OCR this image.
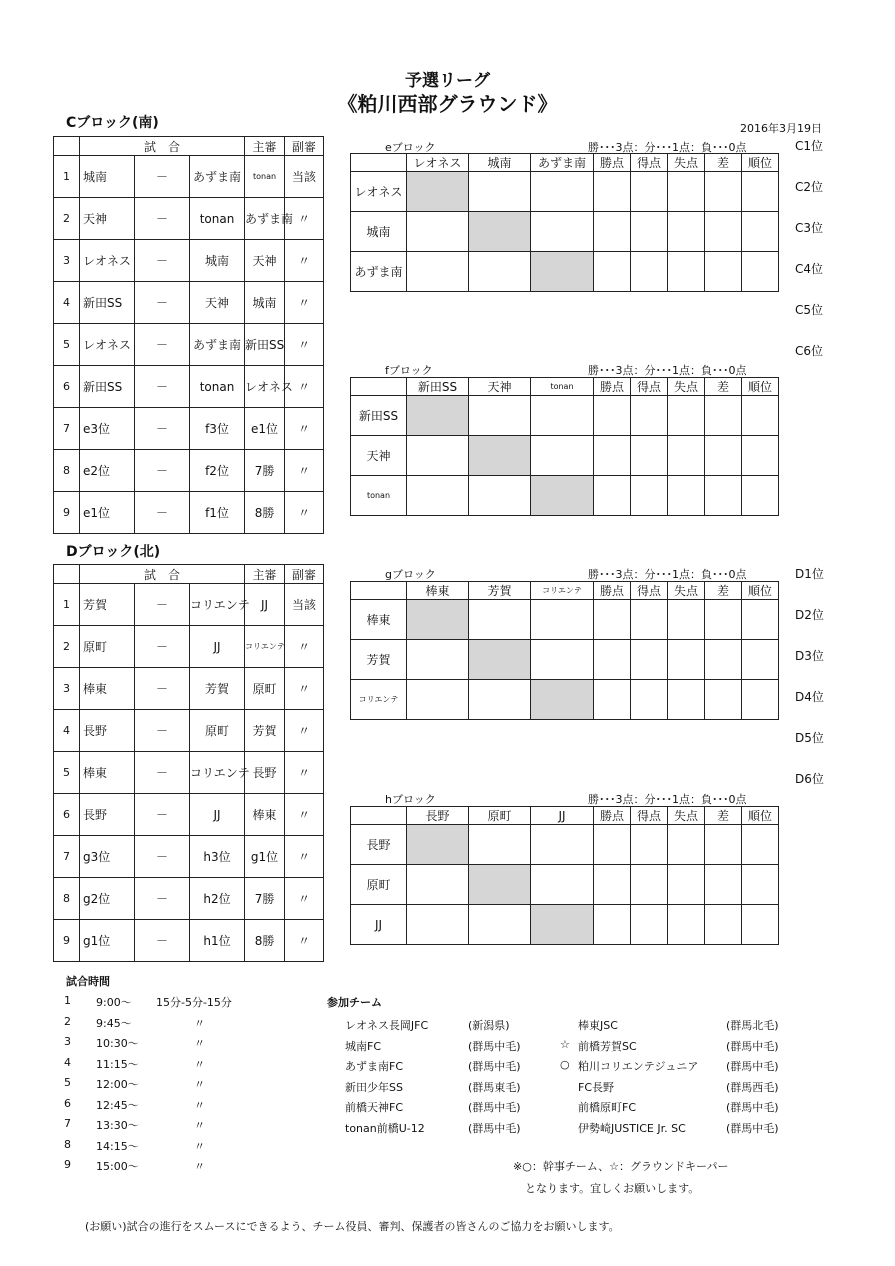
予選リーグ
《粕川西部グラウンド》
2016年3月19日
Cブロック(南)
	試　合			主審	副審
1	城南	－	あずま南	tonan	当該
2	天神	－	tonan	あずま南	〃
3	レオネス	－	城南	天神	〃
4	新田SS	－	天神	城南	〃
5	レオネス	－	あずま南	新田SS	〃
6	新田SS	－	tonan	レオネス	〃
7	e3位	－	f3位	e1位	〃
8	e2位	－	f2位	7勝	〃
9	e1位	－	f1位	8勝	〃
Dブロック(北)
	試　合			主審	副審
1	芳賀	－	コリエンテ	JJ	当該
2	原町	－	JJ	コリエンテ	〃
3	棒東	－	芳賀	原町	〃
4	長野	－	原町	芳賀	〃
5	棒東	－	コリエンテ	長野	〃
6	長野	－	JJ	棒東	〃
7	g3位	－	h3位	g1位	〃
8	g2位	－	h2位	7勝	〃
9	g1位	－	h1位	8勝	〃
eブロック	勝･･･3点：分･･･1点：負･･･0点
	レオネス	城南	あずま南	勝点	得点	失点	差	順位
レオネス								
城南								
あずま南								
fブロック	勝･･･3点：分･･･1点：負･･･0点
	新田SS	天神	tonan	勝点	得点	失点	差	順位
新田SS								
天神								
tonan								
gブロック	勝･･･3点：分･･･1点：負･･･0点
	棒東	芳賀	コリエンテ	勝点	得点	失点	差	順位
棒東								
芳賀								
コリエンテ								
hブロック	勝･･･3点：分･･･1点：負･･･0点
	長野	原町	JJ	勝点	得点	失点	差	順位
長野								
原町								
JJ								
C1位
C2位
C3位
C4位
C5位
C6位
D1位
D2位
D3位
D4位
D5位
D6位
試合時間
1 9:00～ 15分-5分-15分
2 9:45～	〃
3 10:30～	〃
4 11:15～	〃
5 12:00～	〃
6 12:45～	〃
7 13:30～	〃
8 14:15～	〃
9 15:00～	〃
参加チーム
レオネス長岡JFC	(新潟県)
城南FC	(群馬中毛)
あずま南FC	(群馬中毛)
新田少年SS	(群馬東毛)
前橋天神FC	(群馬中毛)
tonan前橋U-12	(群馬中毛)
棒東JSC	(群馬北毛)
☆ 前橋芳賀SC	(群馬中毛)
○ 粕川コリエンテジュニア	(群馬中毛)
FC長野	(群馬西毛)
前橋原町FC	(群馬中毛)
伊勢崎JUSTICE Jr. SC	(群馬中毛)
※○：幹事チーム、☆：グラウンドキーパー
となります。宜しくお願いします。
(お願い)試合の進行をスムースにできるよう、チーム役員、審判、保護者の皆さんのご協力をお願いします。
